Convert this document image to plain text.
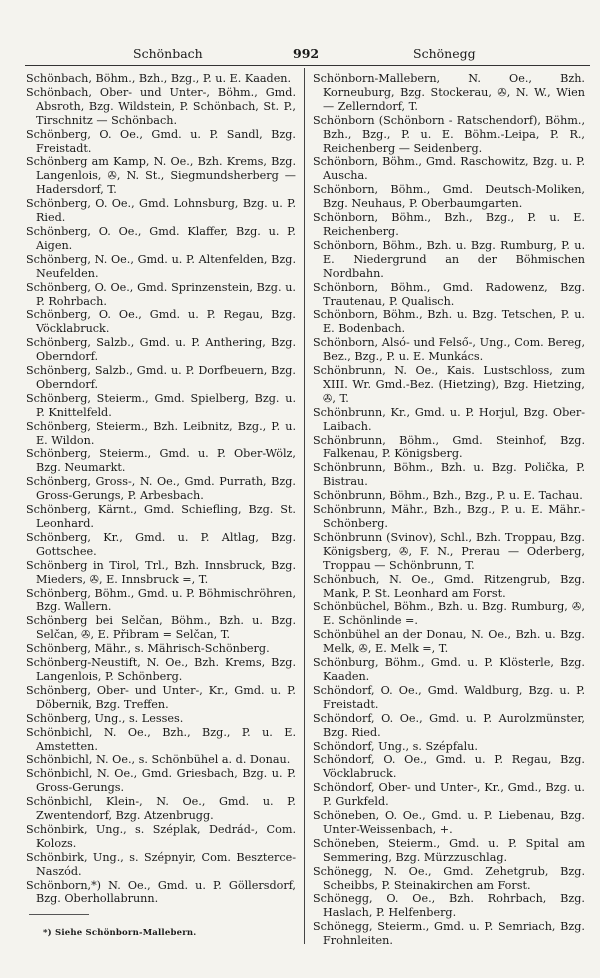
Schönbach	992	Schönegg

Schönbach, Böhm., Bzh., Bzg., P. u. E. Kaaden.

Schönbach, Ober- und Unter-, Böhm., Gmd. Absroth, Bzg. Wildstein, P. Schönbach, St. P., Tirschnitz — Schönbach.

Schönberg, O. Oe., Gmd. u. P. Sandl, Bzg. Freistadt.

Schönberg am Kamp, N. Oe., Bzh. Krems, Bzg. Langenlois, ✇, N. St., Siegmundsherberg — Hadersdorf, T.

Schönberg, O. Oe., Gmd. Lohnsburg, Bzg. u. P. Ried.

Schönberg, O. Oe., Gmd. Klaffer, Bzg. u. P. Aigen.

Schönberg, N. Oe., Gmd. u. P. Altenfelden, Bzg. Neufelden.

Schönberg, O. Oe., Gmd. Sprinzenstein, Bzg. u. P. Rohrbach.

Schönberg, O. Oe., Gmd. u. P. Regau, Bzg. Vöcklabruck.

Schönberg, Salzb., Gmd. u. P. Anthering, Bzg. Oberndorf.

Schönberg, Salzb., Gmd. u. P. Dorfbeuern, Bzg. Oberndorf.

Schönberg, Steierm., Gmd. Spielberg, Bzg. u. P. Knittelfeld.

Schönberg, Steierm., Bzh. Leibnitz, Bzg., P. u. E. Wildon.

Schönberg, Steierm., Gmd. u. P. Ober-Wölz, Bzg. Neumarkt.

Schönberg, Gross-, N. Oe., Gmd. Purrath, Bzg. Gross-Gerungs, P. Arbesbach.

Schönberg, Kärnt., Gmd. Schiefling, Bzg. St. Leonhard.

Schönberg, Kr., Gmd. u. P. Altlag, Bzg. Gottschee.

Schönberg in Tirol, Trl., Bzh. Innsbruck, Bzg. Mieders, ✇, E. Innsbruck =, T.

Schönberg, Böhm., Gmd. u. P. Böhmischröhren, Bzg. Wallern.

Schönberg bei Selčan, Böhm., Bzh. u. Bzg. Selčan, ✇, E. Přibram = Selčan, T.

Schönberg, Mähr., s. Mährisch-Schönberg.

Schönberg-Neustift, N. Oe., Bzh. Krems, Bzg. Langenlois, P. Schönberg.

Schönberg, Ober- und Unter-, Kr., Gmd. u. P. Döbernik, Bzg. Treffen.

Schönberg, Ung., s. Lesses.

Schönbichl, N. Oe., Bzh., Bzg., P. u. E. Amstetten.

Schönbichl, N. Oe., s. Schönbühel a. d. Donau.

Schönbichl, N. Oe., Gmd. Griesbach, Bzg. u. P. Gross-Gerungs.

Schönbichl, Klein-, N. Oe., Gmd. u. P. Zwentendorf, Bzg. Atzenbrugg.

Schönbirk, Ung., s. Széplak, Dedrád-, Com. Kolozs.

Schönbirk, Ung., s. Szépnyir, Com. Beszterce-Naszód.

Schönborn,*) N. Oe., Gmd. u. P. Göllersdorf, Bzg. Oberhollabrunn.

Schönborn-Mallebern, N. Oe., Bzh. Korneuburg, Bzg. Stockerau, ✇, N. W., Wien — Zellerndorf, T.

Schönborn (Schönborn - Ratschendorf), Böhm., Bzh., Bzg., P. u. E. Böhm.-Leipa, P. R., Reichenberg — Seidenberg.

Schönborn, Böhm., Gmd. Raschowitz, Bzg. u. P. Auscha.

Schönborn, Böhm., Gmd. Deutsch-Moliken, Bzg. Neuhaus, P. Oberbaumgarten.

Schönborn, Böhm., Bzh., Bzg., P. u. E. Reichenberg.

Schönborn, Böhm., Bzh. u. Bzg. Rumburg, P. u. E. Niedergrund an der Böhmischen Nordbahn.

Schönborn, Böhm., Gmd. Radowenz, Bzg. Trautenau, P. Qualisch.

Schönborn, Böhm., Bzh. u. Bzg. Tetschen, P. u. E. Bodenbach.

Schönborn, Alsó- und Felső-, Ung., Com. Bereg, Bez., Bzg., P. u. E. Munkács.

Schönbrunn, N. Oe., Kais. Lustschloss, zum XIII. Wr. Gmd.-Bez. (Hietzing), Bzg. Hietzing, ✇, T.

Schönbrunn, Kr., Gmd. u. P. Horjul, Bzg. Ober-Laibach.

Schönbrunn, Böhm., Gmd. Steinhof, Bzg. Falkenau, P. Königsberg.

Schönbrunn, Böhm., Bzh. u. Bzg. Polička, P. Bistrau.

Schönbrunn, Böhm., Bzh., Bzg., P. u. E. Tachau.

Schönbrunn, Mähr., Bzh., Bzg., P. u. E. Mähr.-Schönberg.

Schönbrunn (Svinov), Schl., Bzh. Troppau, Bzg. Königsberg, ✇, F. N., Prerau — Oderberg, Troppau — Schönbrunn, T.

Schönbuch, N. Oe., Gmd. Ritzengrub, Bzg. Mank, P. St. Leonhard am Forst.

Schönbüchel, Böhm., Bzh. u. Bzg. Rumburg, ✇, E. Schönlinde =.

Schönbühel an der Donau, N. Oe., Bzh. u. Bzg. Melk, ✇, E. Melk =, T.

Schönburg, Böhm., Gmd. u. P. Klösterle, Bzg. Kaaden.

Schöndorf, O. Oe., Gmd. Waldburg, Bzg. u. P. Freistadt.

Schöndorf, O. Oe., Gmd. u. P. Aurolzmünster, Bzg. Ried.

Schöndorf, Ung., s. Szépfalu.

Schöndorf, O. Oe., Gmd. u. P. Regau, Bzg. Vöcklabruck.

Schöndorf, Ober- und Unter-, Kr., Gmd., Bzg. u. P. Gurkfeld.

Schöneben, O. Oe., Gmd. u. P. Liebenau, Bzg. Unter-Weissenbach, +.

Schöneben, Steierm., Gmd. u. P. Spital am Semmering, Bzg. Mürzzuschlag.

Schönegg, N. Oe., Gmd. Zehetgrub, Bzg. Scheibbs, P. Steinakirchen am Forst.

Schönegg, O. Oe., Bzh. Rohrbach, Bzg. Haslach, P. Helfenberg.

Schönegg, Steierm., Gmd. u. P. Semriach, Bzg. Frohnleiten.

*) Siehe Schönborn-Mallebern.
